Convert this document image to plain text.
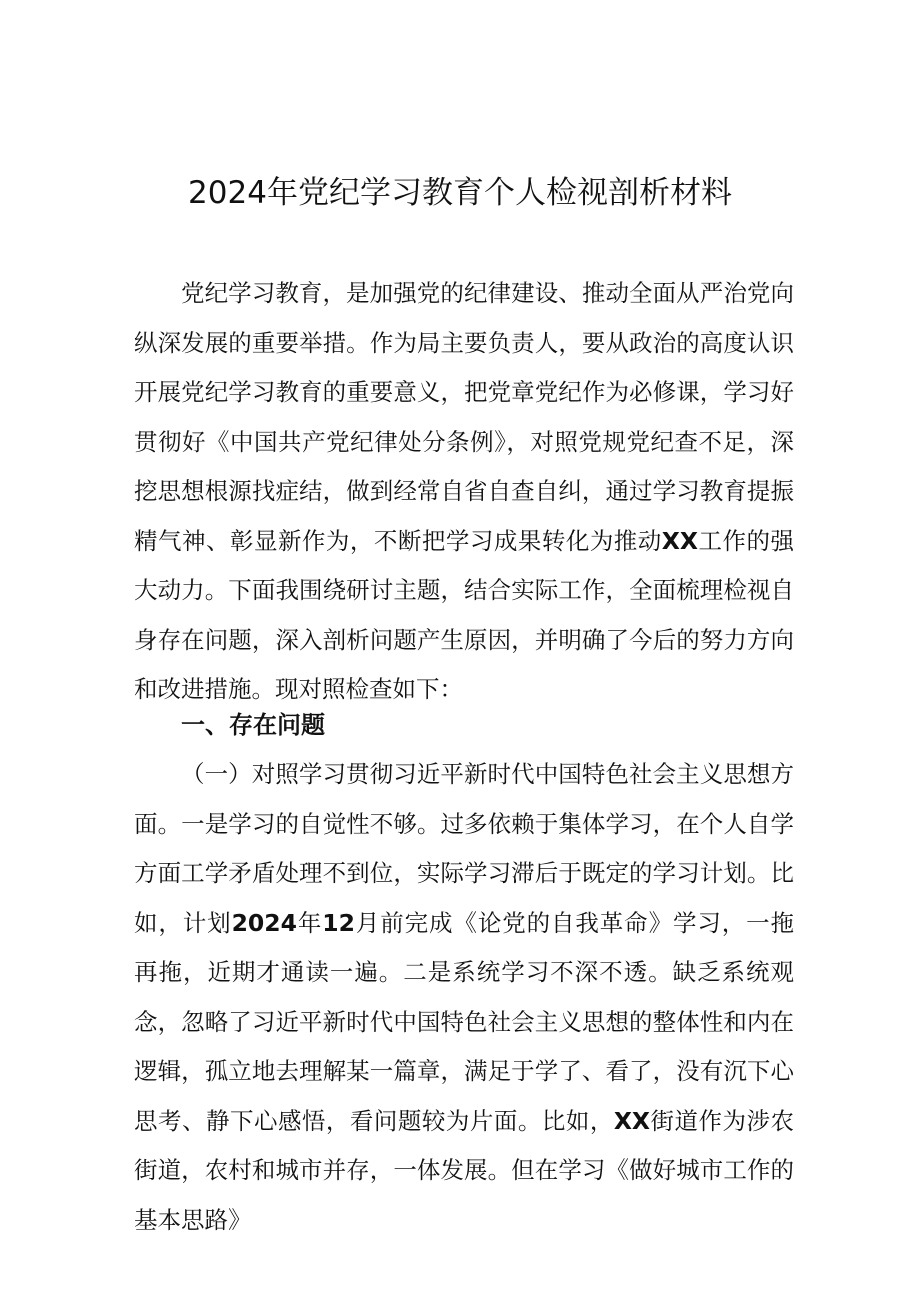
2024年党纪学习教育个人检视剖析材料

党纪学习教育，是加强党的纪律建设、推动全面从严治党向纵深发展的重要举措。作为局主要负责人，要从政治的高度认识开展党纪学习教育的重要意义，把党章党纪作为必修课，学习好贯彻好《中国共产党纪律处分条例》，对照党规党纪查不足，深挖思想根源找症结，做到经常自省自查自纠，通过学习教育提振精气神、彰显新作为，不断把学习成果转化为推动XX工作的强大动力。下面我围绕研讨主题，结合实际工作，全面梳理检视自身存在问题，深入剖析问题产生原因，并明确了今后的努力方向和改进措施。现对照检查如下：

一、存在问题

（一）对照学习贯彻习近平新时代中国特色社会主义思想方面。一是学习的自觉性不够。过多依赖于集体学习，在个人自学方面工学矛盾处理不到位，实际学习滞后于既定的学习计划。比如，计划2024年12月前完成《论党的自我革命》学习，一拖再拖，近期才通读一遍。二是系统学习不深不透。缺乏系统观念，忽略了习近平新时代中国特色社会主义思想的整体性和内在逻辑，孤立地去理解某一篇章，满足于学了、看了，没有沉下心思考、静下心感悟，看问题较为片面。比如，XX街道作为涉农街道，农村和城市并存，一体发展。但在学习《做好城市工作的基本思路》
